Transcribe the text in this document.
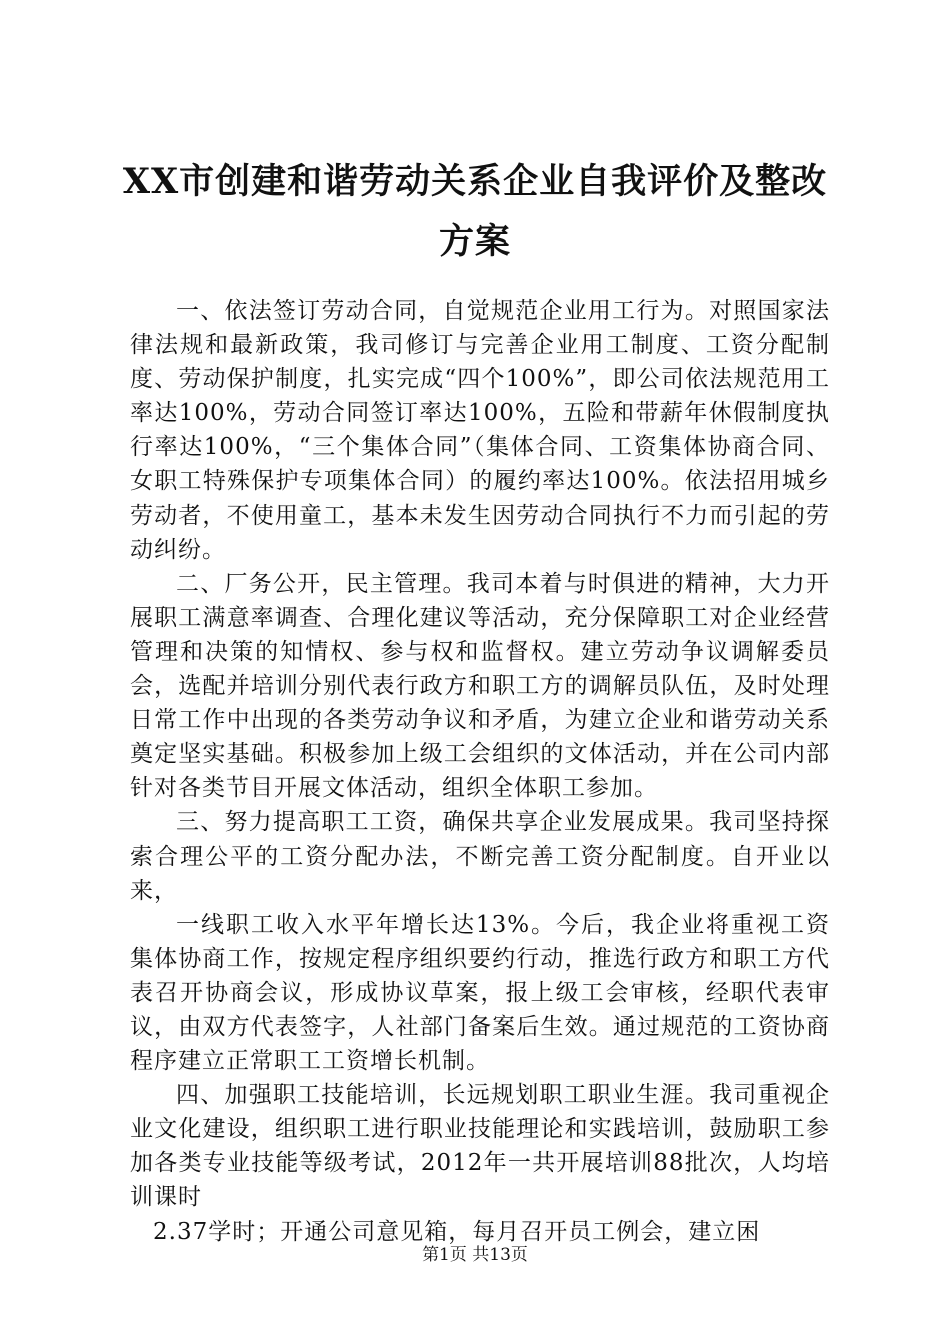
XX市创建和谐劳动关系企业自我评价及整改
方案

一、依法签订劳动合同，自觉规范企业用工行为。对照国家法律法规和最新政策，我司修订与完善企业用工制度、工资分配制度、劳动保护制度，扎实完成“四个100%”，即公司依法规范用工率达100%，劳动合同签订率达100%，五险和带薪年休假制度执行率达100%，“三个集体合同”（集体合同、工资集体协商合同、女职工特殊保护专项集体合同）的履约率达100%。依法招用城乡劳动者，不使用童工，基本未发生因劳动合同执行不力而引起的劳动纠纷。

二、厂务公开，民主管理。我司本着与时俱进的精神，大力开展职工满意率调查、合理化建议等活动，充分保障职工对企业经营管理和决策的知情权、参与权和监督权。建立劳动争议调解委员会，选配并培训分别代表行政方和职工方的调解员队伍，及时处理日常工作中出现的各类劳动争议和矛盾，为建立企业和谐劳动关系奠定坚实基础。积极参加上级工会组织的文体活动，并在公司内部针对各类节目开展文体活动，组织全体职工参加。

三、努力提高职工工资，确保共享企业发展成果。我司坚持探索合理公平的工资分配办法，不断完善工资分配制度。自开业以来，

一线职工收入水平年增长达13%。今后，我企业将重视工资集体协商工作，按规定程序组织要约行动，推选行政方和职工方代表召开协商会议，形成协议草案，报上级工会审核，经职代表审议，由双方代表签字，人社部门备案后生效。通过规范的工资协商程序建立正常职工工资增长机制。

四、加强职工技能培训，长远规划职工职业生涯。我司重视企业文化建设，组织职工进行职业技能理论和实践培训，鼓励职工参加各类专业技能等级考试，2012年一共开展培训88批次，人均培训课时

2.37学时；开通公司意见箱，每月召开员工例会，建立困

第1页 共13页
